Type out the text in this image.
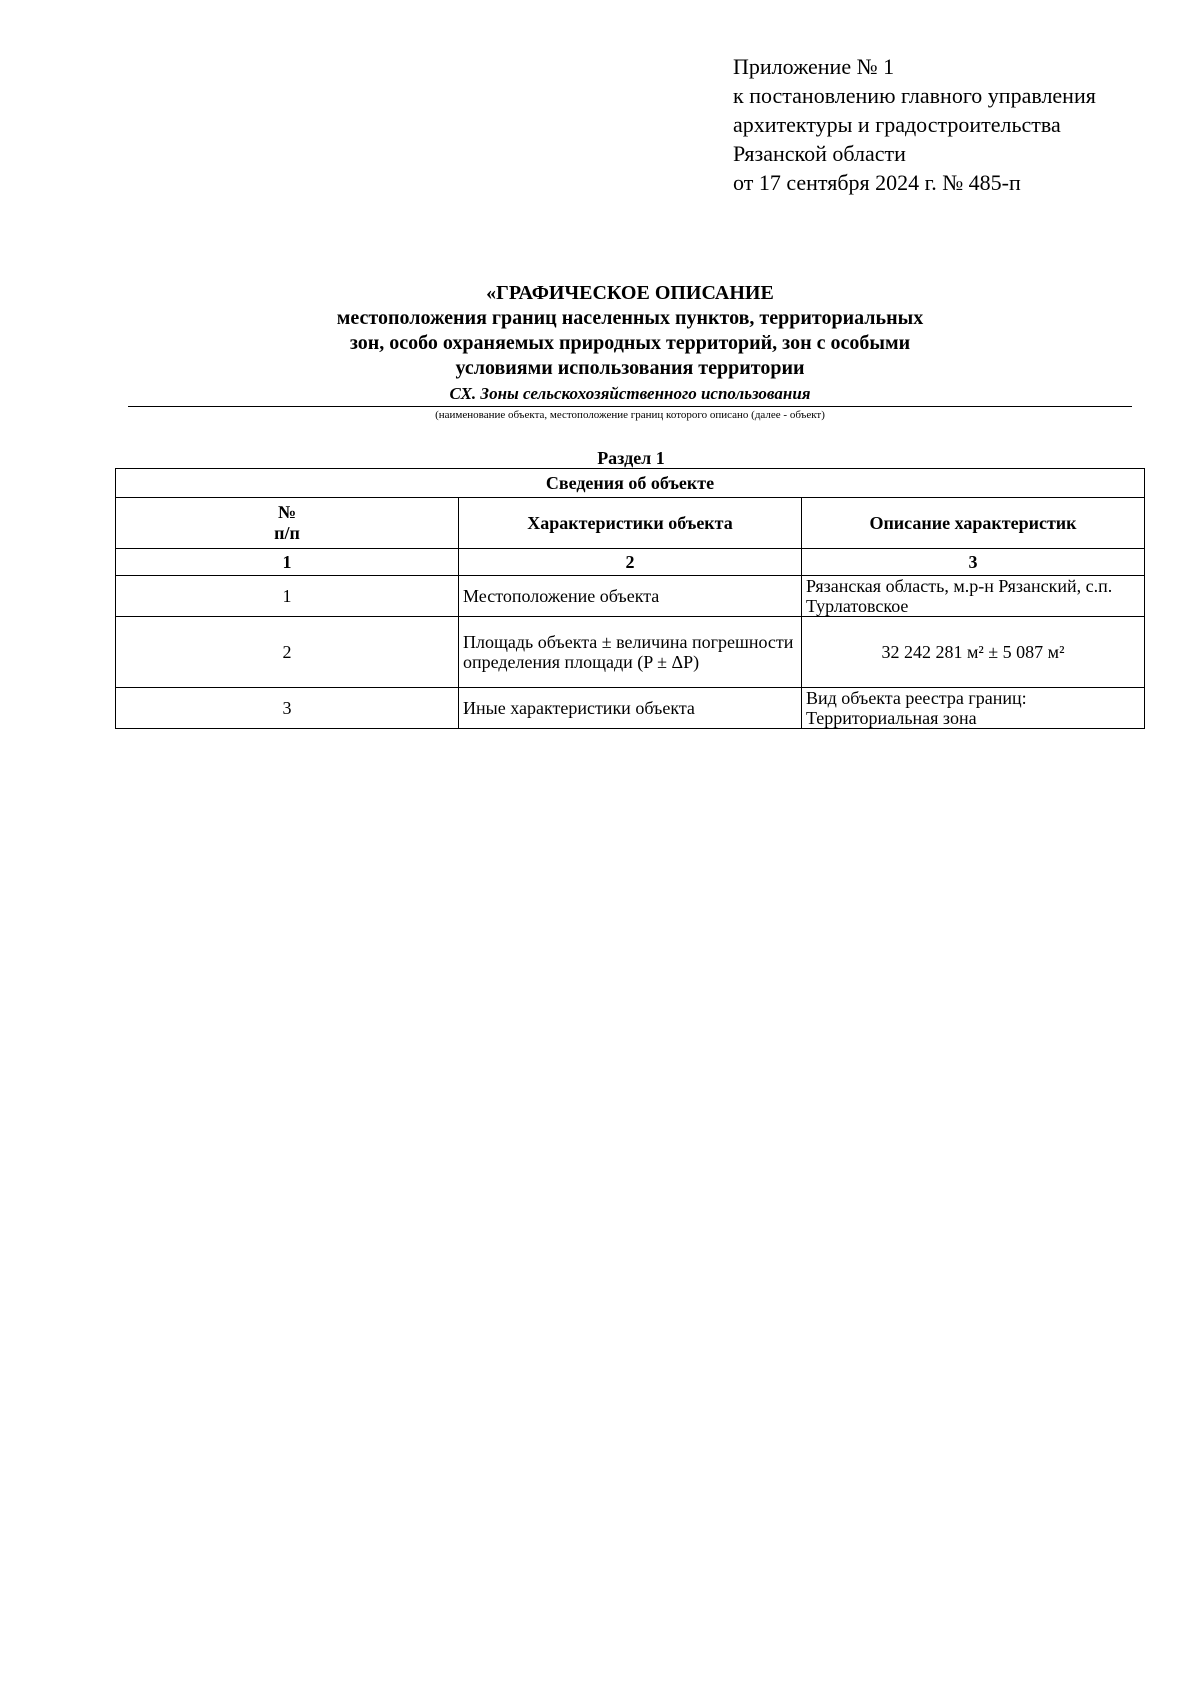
Приложение № 1
к постановлению главного управления
архитектуры и градостроительства
Рязанской области
от 17 сентября 2024 г. № 485-п
«ГРАФИЧЕСКОЕ ОПИСАНИЕ
местоположения границ населенных пунктов, территориальных
зон, особо охраняемых природных территорий, зон с особыми
условиями использования территории
СХ. Зоны сельскохозяйственного использования
(наименование объекта, местоположение границ которого описано (далее - объект)
Раздел 1
Сведения об объекте		
№
п/п	Характеристики объекта	Описание характеристик
1	2	3
1	Местоположение объекта	Рязанская область, м.р-н Рязанский, с.п. Турлатовское
2	Площадь объекта ± величина погрешности определения площади (P ± ΔP)	32 242 281 м² ± 5 087 м²
3	Иные характеристики объекта	Вид объекта реестра границ: Территориальная зона
